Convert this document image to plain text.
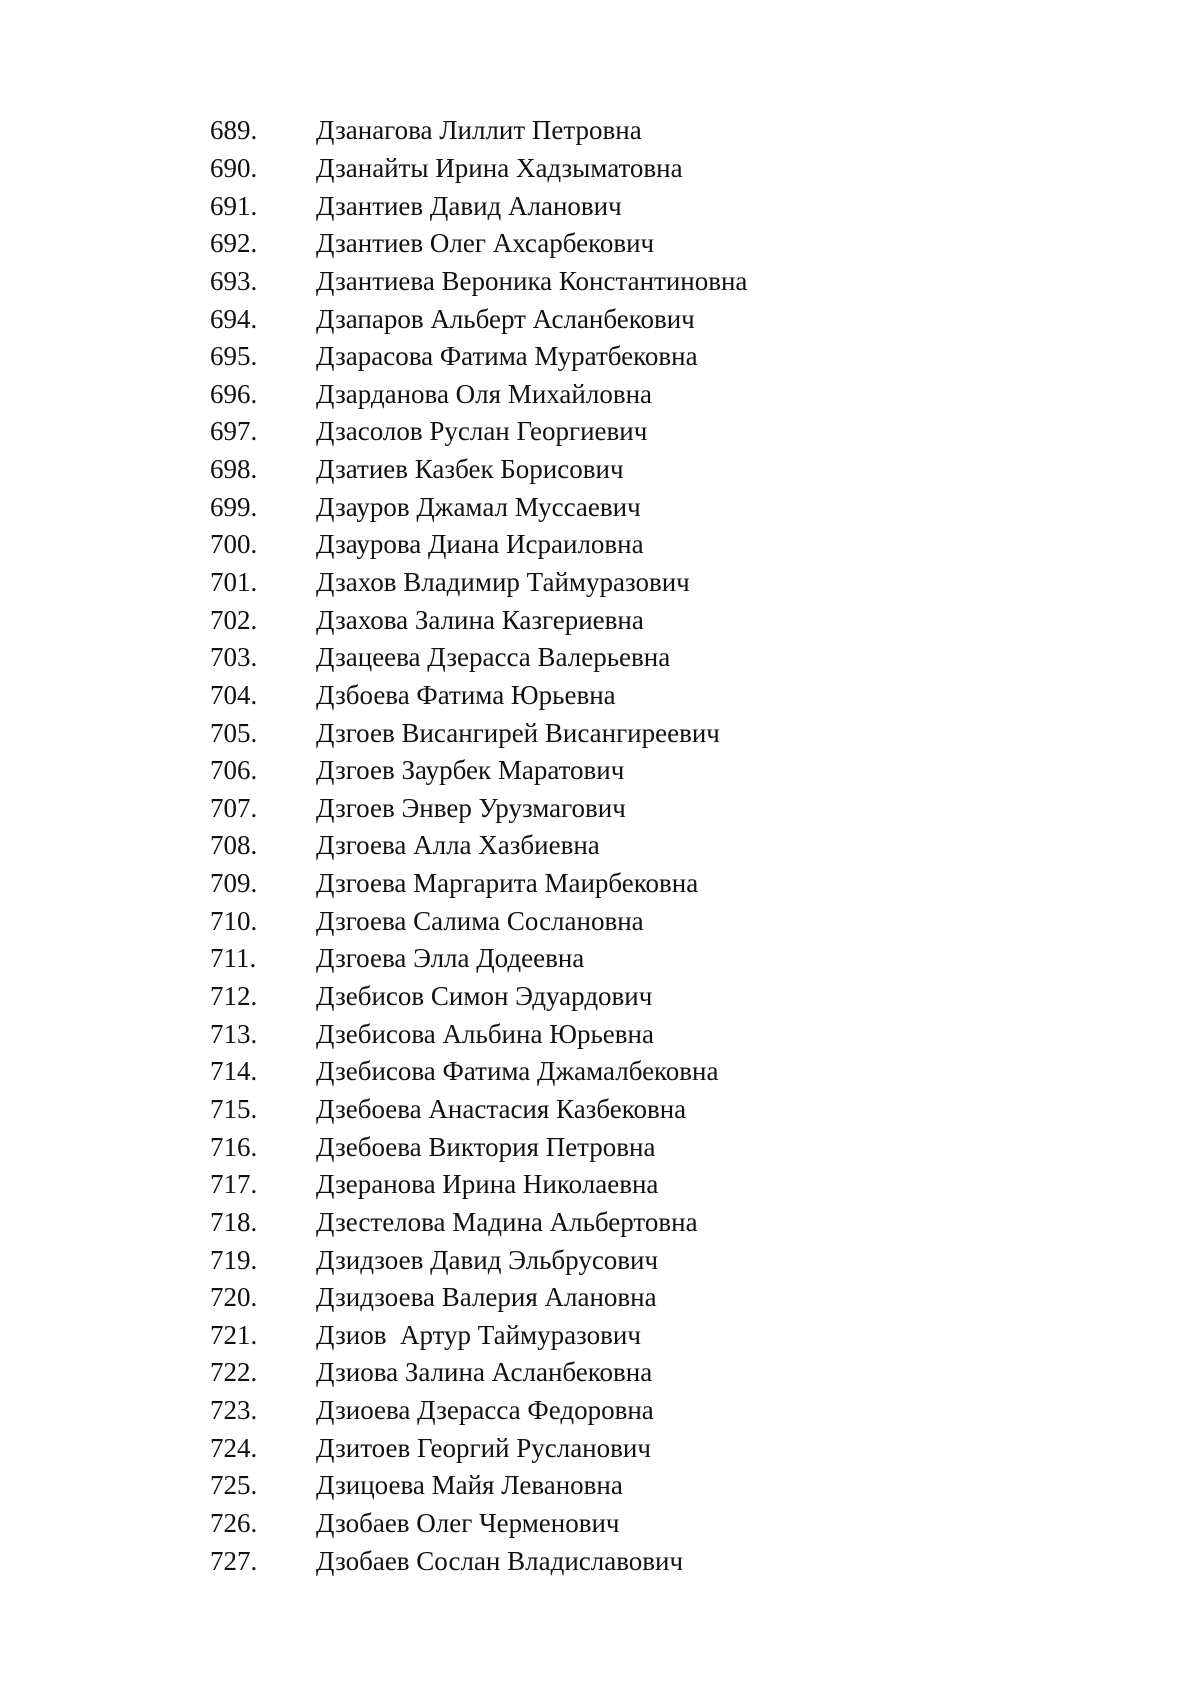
689.	Дзанагова Лиллит Петровна
690.	Дзанайты Ирина Хадзыматовна
691.	Дзантиев Давид Аланович
692.	Дзантиев Олег Ахсарбекович
693.	Дзантиева Вероника Константиновна
694.	Дзапаров Альберт Асланбекович
695.	Дзарасова Фатима Муратбековна
696.	Дзарданова Оля Михайловна
697.	Дзасолов Руслан Георгиевич
698.	Дзатиев Казбек Борисович
699.	Дзауров Джамал Муссаевич
700.	Дзаурова Диана Исраиловна
701.	Дзахов Владимир Таймуразович
702.	Дзахова Залина Казгериевна
703.	Дзацеева Дзерасса Валерьевна
704.	Дзбоева Фатима Юрьевна
705.	Дзгоев Висангирей Висангиреевич
706.	Дзгоев Заурбек Маратович
707.	Дзгоев Энвер Урузмагович
708.	Дзгоева Алла Хазбиевна
709.	Дзгоева Маргарита Маирбековна
710.	Дзгоева Салима Сослановна
711.	Дзгоева Элла Додеевна
712.	Дзебисов Симон Эдуардович
713.	Дзебисова Альбина Юрьевна
714.	Дзебисова Фатима Джамалбековна
715.	Дзебоева Анастасия Казбековна
716.	Дзебоева Виктория Петровна
717.	Дзеранова Ирина Николаевна
718.	Дзестелова Мадина Альбертовна
719.	Дзидзоев Давид Эльбрусович
720.	Дзидзоева Валерия Алановна
721.	Дзиов  Артур Таймуразович
722.	Дзиова Залина Асланбековна
723.	Дзиоева Дзерасса Федоровна
724.	Дзитоев Георгий Русланович
725.	Дзицоева Майя Левановна
726.	Дзобаев Олег Черменович
727.	Дзобаев Сослан Владиславович
